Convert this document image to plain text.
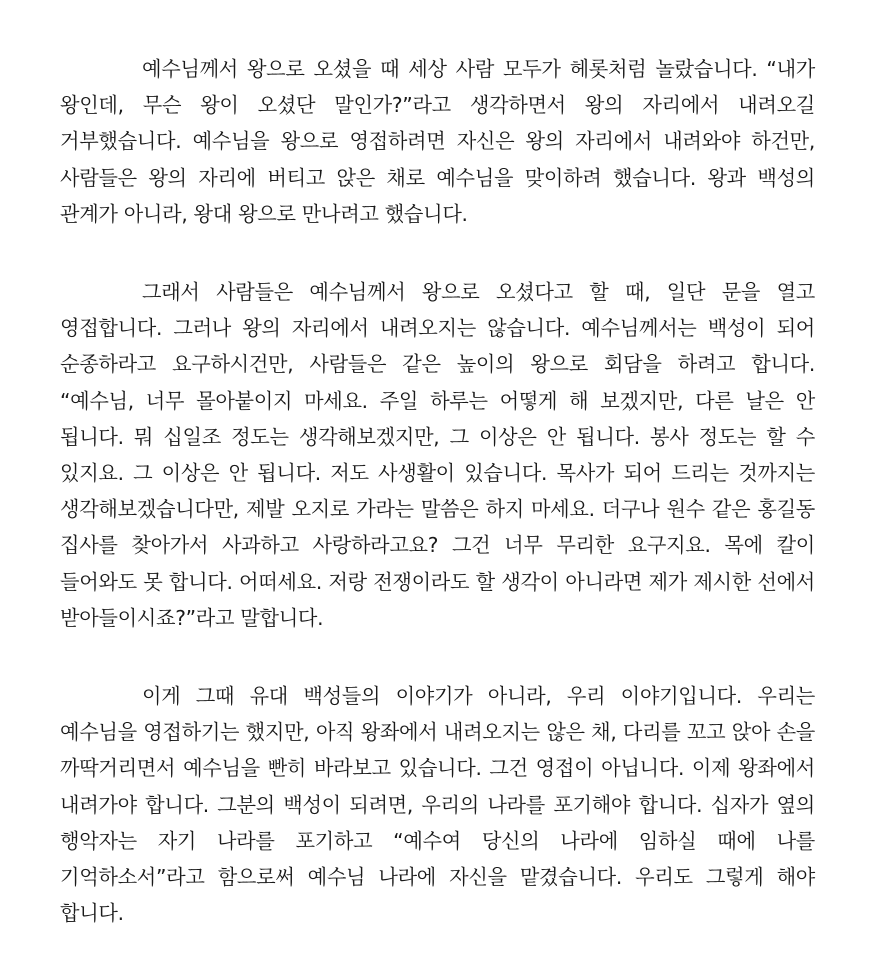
예수님께서 왕으로 오셨을 때 세상 사람 모두가 헤롯처럼 놀랐습니다. “내가 왕인데, 무슨 왕이 오셨단 말인가?”라고 생각하면서 왕의 자리에서 내려오길 거부했습니다. 예수님을 왕으로 영접하려면 자신은 왕의 자리에서 내려와야 하건만, 사람들은 왕의 자리에 버티고 앉은 채로 예수님을 맞이하려 했습니다. 왕과 백성의 관계가 아니라, 왕대 왕으로 만나려고 했습니다.

그래서 사람들은 예수님께서 왕으로 오셨다고 할 때, 일단 문을 열고 영접합니다. 그러나 왕의 자리에서 내려오지는 않습니다. 예수님께서는 백성이 되어 순종하라고 요구하시건만, 사람들은 같은 높이의 왕으로 회담을 하려고 합니다. “예수님, 너무 몰아붙이지 마세요. 주일 하루는 어떻게 해 보겠지만, 다른 날은 안 됩니다. 뭐 십일조 정도는 생각해보겠지만, 그 이상은 안 됩니다. 봉사 정도는 할 수 있지요. 그 이상은 안 됩니다. 저도 사생활이 있습니다. 목사가 되어 드리는 것까지는 생각해보겠습니다만, 제발 오지로 가라는 말씀은 하지 마세요. 더구나 원수 같은 홍길동 집사를 찾아가서 사과하고 사랑하라고요? 그건 너무 무리한 요구지요. 목에 칼이 들어와도 못 합니다. 어떠세요. 저랑 전쟁이라도 할 생각이 아니라면 제가 제시한 선에서 받아들이시죠?”라고 말합니다.

이게 그때 유대 백성들의 이야기가 아니라, 우리 이야기입니다. 우리는 예수님을 영접하기는 했지만, 아직 왕좌에서 내려오지는 않은 채, 다리를 꼬고 앉아 손을 까딱거리면서 예수님을 빤히 바라보고 있습니다. 그건 영접이 아닙니다. 이제 왕좌에서 내려가야 합니다. 그분의 백성이 되려면, 우리의 나라를 포기해야 합니다. 십자가 옆의 행악자는 자기 나라를 포기하고 “예수여 당신의 나라에 임하실 때에 나를 기억하소서”라고 함으로써 예수님 나라에 자신을 맡겼습니다. 우리도 그렇게 해야 합니다.
